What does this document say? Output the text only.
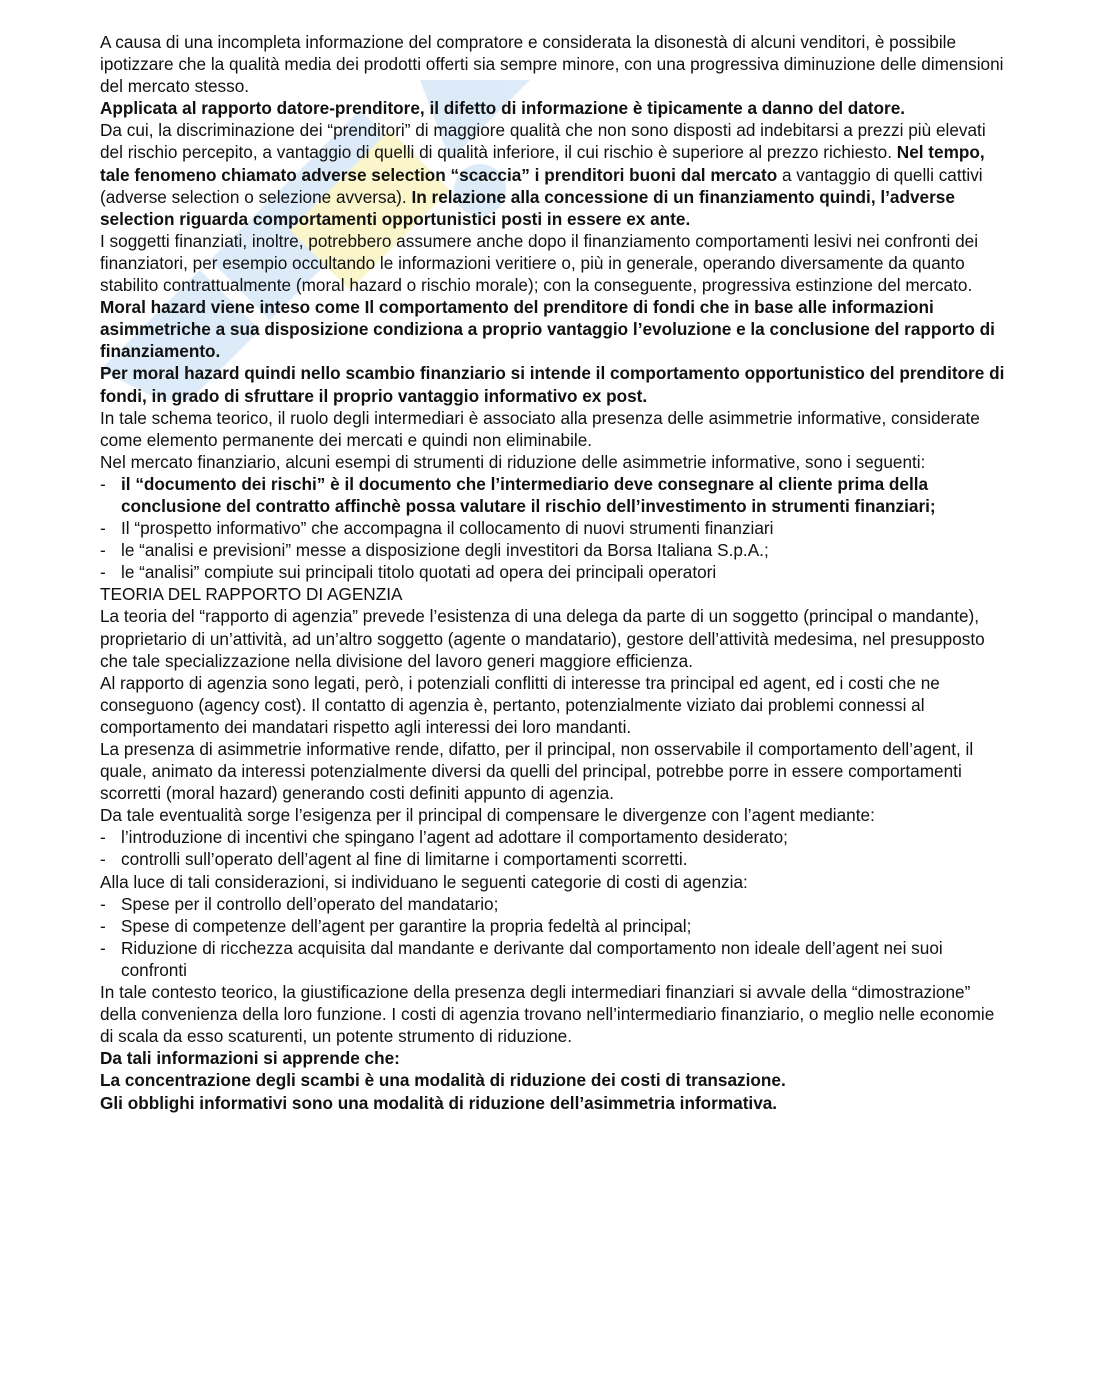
A causa di una incompleta informazione del compratore e considerata la disonestà di alcuni venditori, è possibile ipotizzare che la qualità media dei prodotti offerti sia sempre minore, con una progressiva diminuzione delle dimensioni del mercato stesso.

Applicata al rapporto datore-prenditore, il difetto di informazione è tipicamente a danno del datore.

Da cui, la discriminazione dei “prenditori” di maggiore qualità che non sono disposti ad indebitarsi a prezzi più elevati del rischio percepito, a vantaggio di quelli di qualità inferiore, il cui rischio è superiore al prezzo richiesto. Nel tempo, tale fenomeno chiamato adverse selection “scaccia” i prenditori buoni dal mercato a vantaggio di quelli cattivi (adverse selection o selezione avversa). In relazione alla concessione di un finanziamento quindi, l’adverse selection riguarda comportamenti opportunistici posti in essere ex ante.

I soggetti finanziati, inoltre, potrebbero assumere anche dopo il finanziamento comportamenti lesivi nei confronti dei finanziatori, per esempio occultando le informazioni veritiere o, più in generale, operando diversamente da quanto stabilito contrattualmente (moral hazard o rischio morale); con la conseguente, progressiva estinzione del mercato.

Moral hazard viene inteso come Il comportamento del prenditore di fondi che in base alle informazioni asimmetriche a sua disposizione condiziona a proprio vantaggio l’evoluzione e la conclusione del rapporto di finanziamento.

Per moral hazard quindi nello scambio finanziario si intende il comportamento opportunistico del prenditore di fondi, in grado di sfruttare il proprio vantaggio informativo ex post.

In tale schema teorico, il ruolo degli intermediari è associato alla presenza delle asimmetrie informative, considerate come elemento permanente dei mercati e quindi non eliminabile.

Nel mercato finanziario, alcuni esempi di strumenti di riduzione delle asimmetrie informative, sono i seguenti:

- il “documento dei rischi” è il documento che l’intermediario deve consegnare al cliente prima della conclusione del contratto affinchè possa valutare il rischio dell’investimento in strumenti finanziari;
- Il “prospetto informativo” che accompagna il collocamento di nuovi strumenti finanziari
- le “analisi e previsioni” messe a disposizione degli investitori da Borsa Italiana S.p.A.;
- le “analisi” compiute sui principali titolo quotati ad opera dei principali operatori

TEORIA DEL RAPPORTO DI AGENZIA

La teoria del “rapporto di agenzia” prevede l’esistenza di una delega da parte di un soggetto (principal o mandante), proprietario di un’attività, ad un’altro soggetto (agente o mandatario), gestore dell’attività medesima, nel presupposto che tale specializzazione nella divisione del lavoro generi maggiore efficienza.

Al rapporto di agenzia sono legati, però, i potenziali conflitti di interesse tra principal ed agent, ed i costi che ne conseguono (agency cost). Il contatto di agenzia è, pertanto, potenzialmente viziato dai problemi connessi al comportamento dei mandatari rispetto agli interessi dei loro mandanti.

La presenza di asimmetrie informative rende, difatto, per il principal, non osservabile il comportamento dell’agent, il quale, animato da interessi potenzialmente diversi da quelli del principal, potrebbe porre in essere comportamenti scorretti (moral hazard) generando costi definiti appunto di agenzia.

Da tale eventualità sorge l’esigenza per il principal di compensare le divergenze con l’agent mediante:

- l’introduzione di incentivi che spingano l’agent ad adottare il comportamento desiderato;
- controlli sull’operato dell’agent al fine di limitarne i comportamenti scorretti.

Alla luce di tali considerazioni, si individuano le seguenti categorie di costi di agenzia:

- Spese per il controllo dell’operato del mandatario;
- Spese di competenze dell’agent per garantire la propria fedeltà al principal;
- Riduzione di ricchezza acquisita dal mandante e derivante dal comportamento non ideale dell’agent nei suoi confronti

In tale contesto teorico, la giustificazione della presenza degli intermediari finanziari si avvale della “dimostrazione” della convenienza della loro funzione. I costi di agenzia trovano nell’intermediario finanziario, o meglio nelle economie di scala da esso scaturenti, un potente strumento di riduzione.

Da tali informazioni si apprende che:

La concentrazione degli scambi è una modalità di riduzione dei costi di transazione.

Gli obblighi informativi sono una modalità di riduzione dell’asimmetria informativa.
